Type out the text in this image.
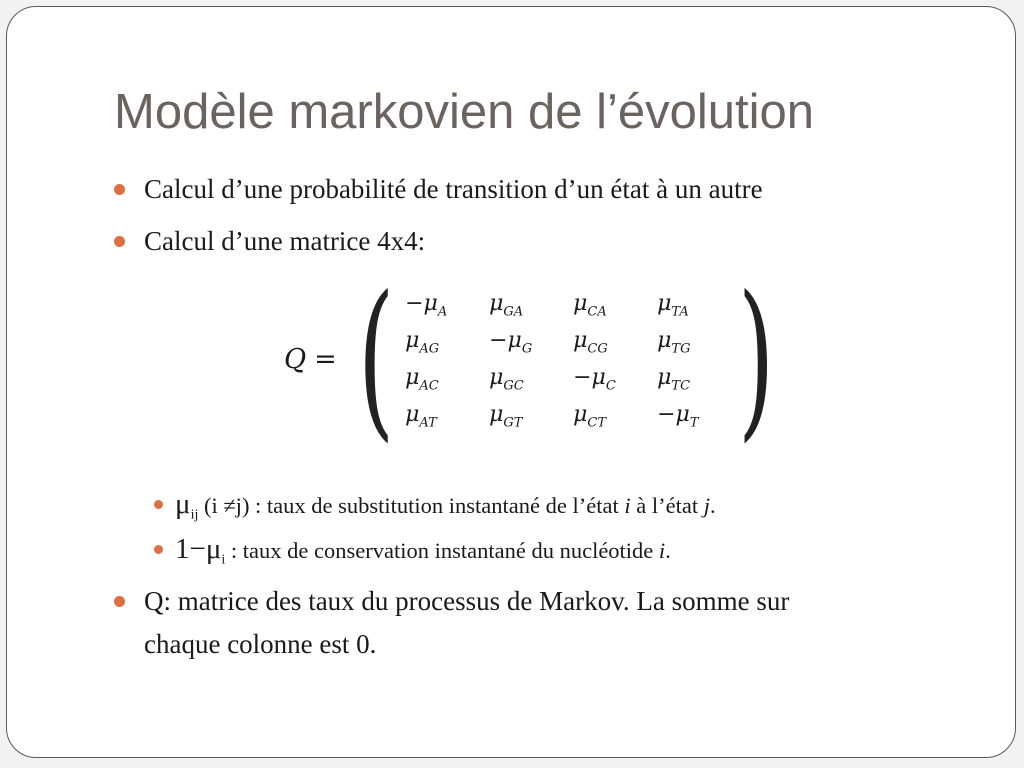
Modèle markovien de l’évolution
Calcul d’une probabilité de transition d’un état à un autre
Calcul d’une matrice 4x4:
Q = ( $-\mu_A$	$\mu_{GA}$	$\mu_{CA}$	$\mu_{TA}$
$\mu_{AG}$	$-\mu_G$	$\mu_{CG}$	$\mu_{TG}$
$\mu_{AC}$	$\mu_{GC}$	$-\mu_C$	$\mu_{TC}$
$\mu_{AT}$	$\mu_{GT}$	$\mu_{CT}$	$-\mu_T$ )
$\mu_{ij}$ (i ≠j) : taux de substitution instantané de l’état i à l’état j.
$1-\mu_i$ : taux de conservation instantané du nucléotide i.
Q: matrice des taux du processus de Markov. La somme sur
chaque colonne est 0.
